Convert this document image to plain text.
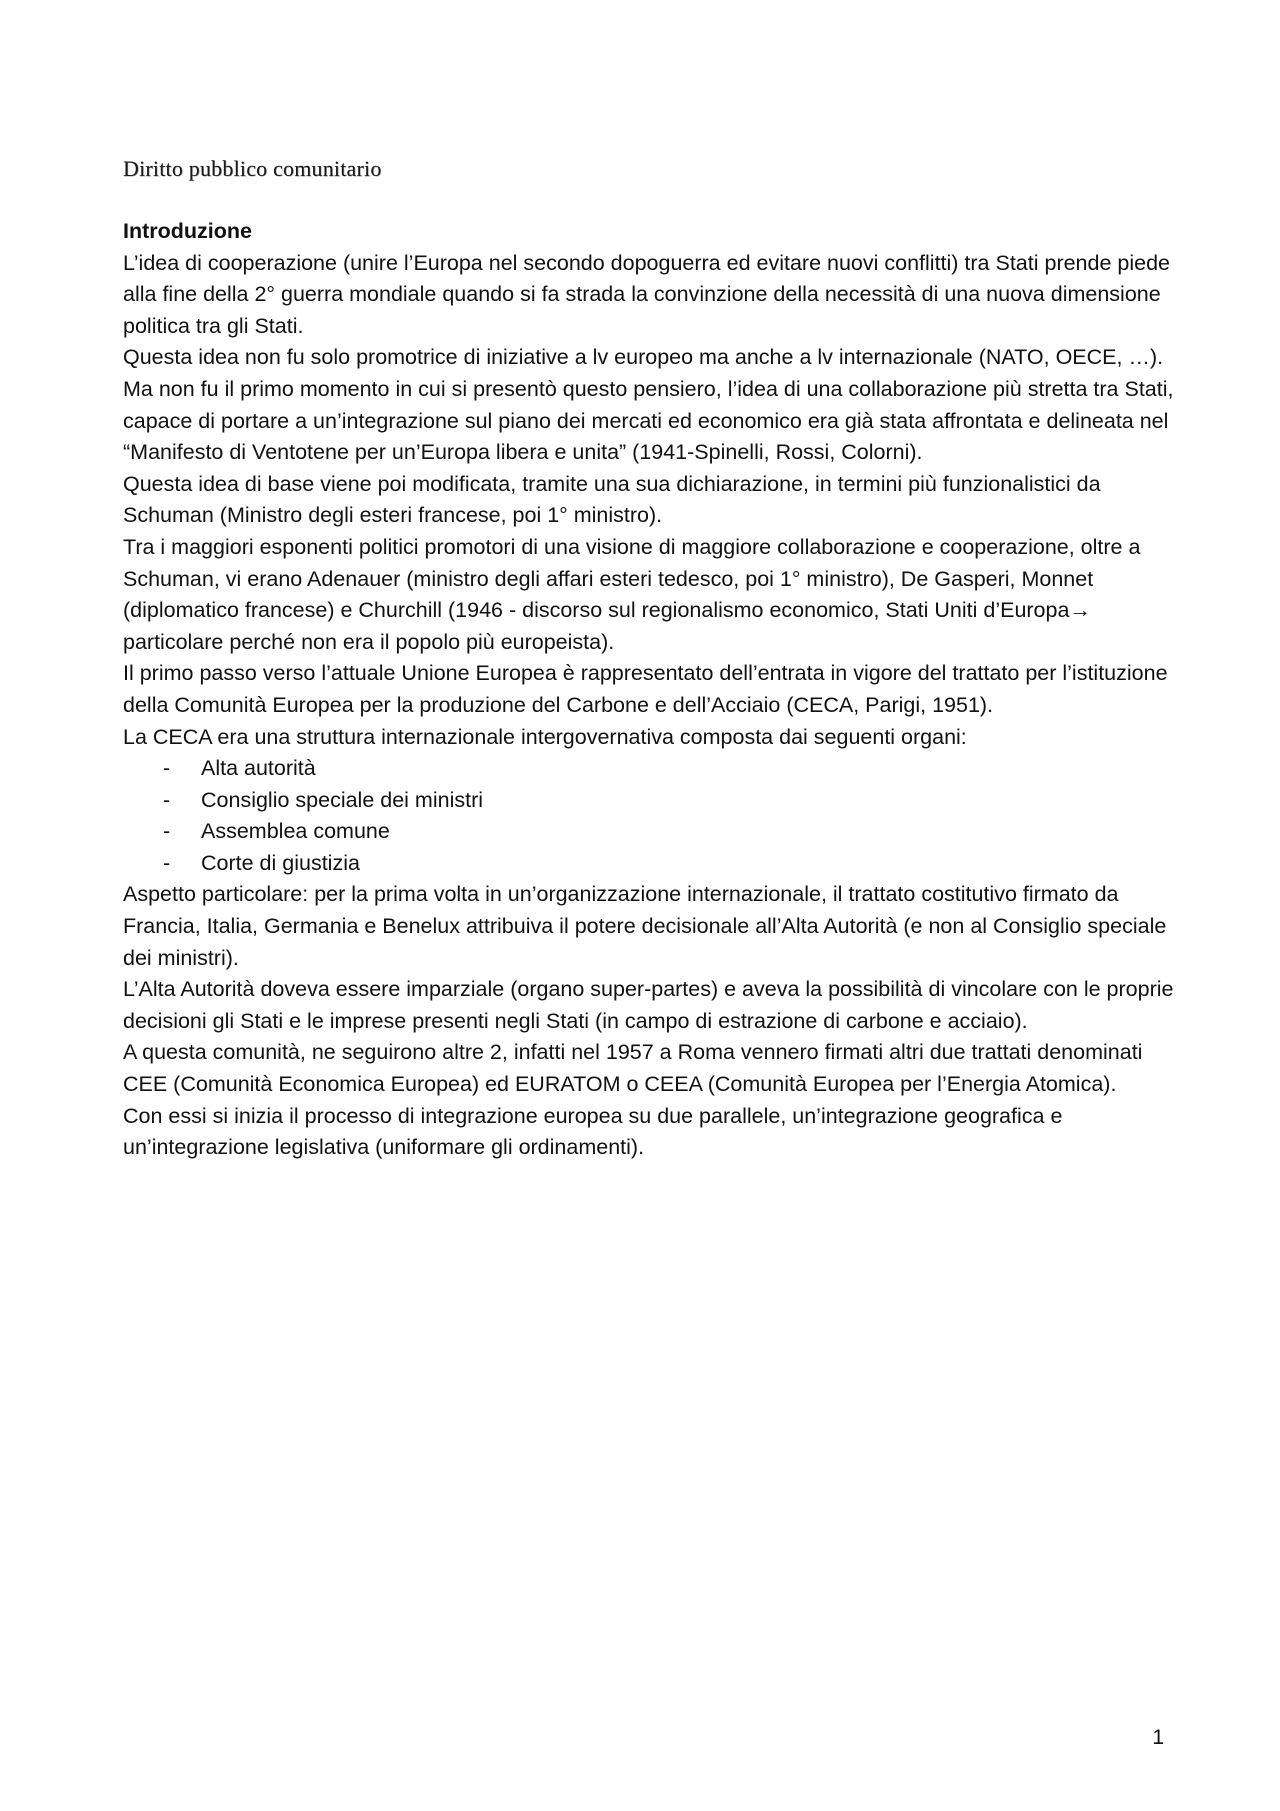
Diritto pubblico comunitario

Introduzione

L’idea di cooperazione (unire l’Europa nel secondo dopoguerra ed evitare nuovi conflitti) tra Stati prende piede alla fine della 2° guerra mondiale quando si fa strada la convinzione della necessità di una nuova dimensione politica tra gli Stati.

Questa idea non fu solo promotrice di iniziative a lv europeo ma anche a lv internazionale (NATO, OECE, …).

Ma non fu il primo momento in cui si presentò questo pensiero, l’idea di una collaborazione più stretta tra Stati, capace di portare a un’integrazione sul piano dei mercati ed economico era già stata affrontata e delineata nel “Manifesto di Ventotene per un’Europa libera e unita” (1941-Spinelli, Rossi, Colorni).

Questa idea di base viene poi modificata, tramite una sua dichiarazione, in termini più funzionalistici da Schuman (Ministro degli esteri francese, poi 1° ministro).

Tra i maggiori esponenti politici promotori di una visione di maggiore collaborazione e cooperazione, oltre a Schuman, vi erano Adenauer (ministro degli affari esteri tedesco, poi 1° ministro), De Gasperi, Monnet (diplomatico francese) e Churchill (1946 - discorso sul regionalismo economico, Stati Uniti d’Europa→ particolare perché non era il popolo più europeista).

Il primo passo verso l’attuale Unione Europea è rappresentato dell’entrata in vigore del trattato per l’istituzione della Comunità Europea per la produzione del Carbone e dell’Acciaio (CECA, Parigi, 1951).

La CECA era una struttura internazionale intergovernativa composta dai seguenti organi:

- Alta autorità
- Consiglio speciale dei ministri
- Assemblea comune
- Corte di giustizia

Aspetto particolare: per la prima volta in un’organizzazione internazionale, il trattato costitutivo firmato da Francia, Italia, Germania e Benelux attribuiva il potere decisionale all’Alta Autorità (e non al Consiglio speciale dei ministri).

L’Alta Autorità doveva essere imparziale (organo super-partes) e aveva la possibilità di vincolare con le proprie decisioni gli Stati e le imprese presenti negli Stati (in campo di estrazione di carbone e acciaio).

A questa comunità, ne seguirono altre 2, infatti nel 1957 a Roma vennero firmati altri due trattati denominati CEE (Comunità Economica Europea) ed EURATOM o CEEA (Comunità Europea per l’Energia Atomica).

Con essi si inizia il processo di integrazione europea su due parallele, un’integrazione geografica e un’integrazione legislativa (uniformare gli ordinamenti).

1
